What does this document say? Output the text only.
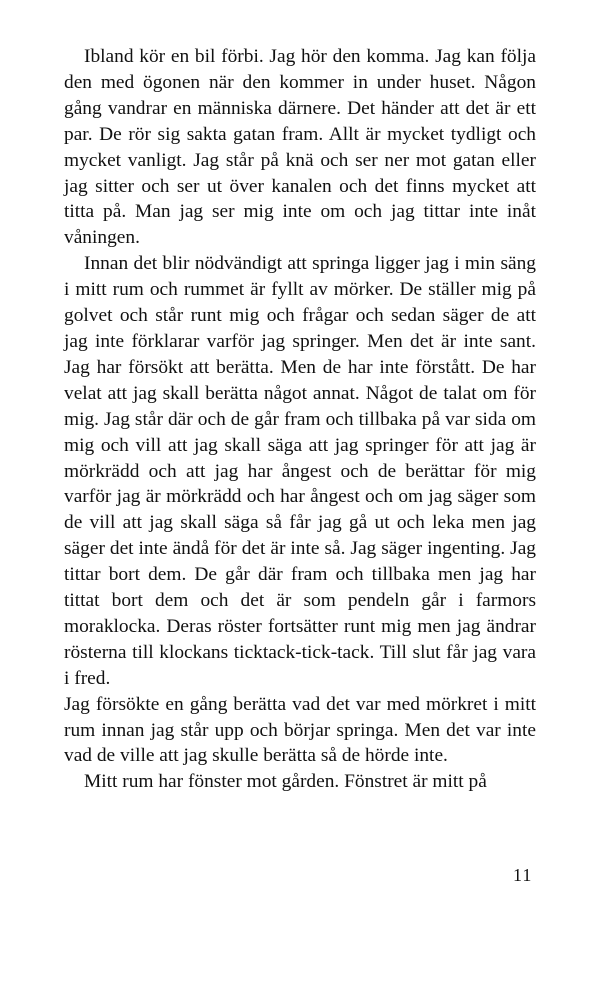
Ibland kör en bil förbi. Jag hör den komma. Jag kan följa den med ögonen när den kommer in under huset. Någon gång vandrar en människa därnere. Det händer att det är ett par. De rör sig sakta gatan fram. Allt är mycket tydligt och mycket vanligt. Jag står på knä och ser ner mot gatan eller jag sitter och ser ut över kanalen och det finns mycket att titta på. Man jag ser mig inte om och jag tittar inte inåt våningen.

Innan det blir nödvändigt att springa ligger jag i min säng i mitt rum och rummet är fyllt av mörker. De ställer mig på golvet och står runt mig och frågar och sedan säger de att jag inte förklarar varför jag springer. Men det är inte sant. Jag har försökt att berätta. Men de har inte förstått. De har velat att jag skall berätta något annat. Något de talat om för mig. Jag står där och de går fram och tillbaka på var sida om mig och vill att jag skall säga att jag springer för att jag är mörkrädd och att jag har ångest och de berättar för mig varför jag är mörkrädd och har ångest och om jag säger som de vill att jag skall säga så får jag gå ut och leka men jag säger det inte ändå för det är inte så. Jag säger ingenting. Jag tittar bort dem. De går där fram och tillbaka men jag har tittat bort dem och det är som pendeln går i farmors moraklocka. Deras röster fortsätter runt mig men jag ändrar rösterna till klockans ticktack-tick-tack. Till slut får jag vara i fred.

Jag försökte en gång berätta vad det var med mörkret i mitt rum innan jag står upp och börjar springa. Men det var inte vad de ville att jag skulle berätta så de hörde inte.

Mitt rum har fönster mot gården. Fönstret är mitt på

11
